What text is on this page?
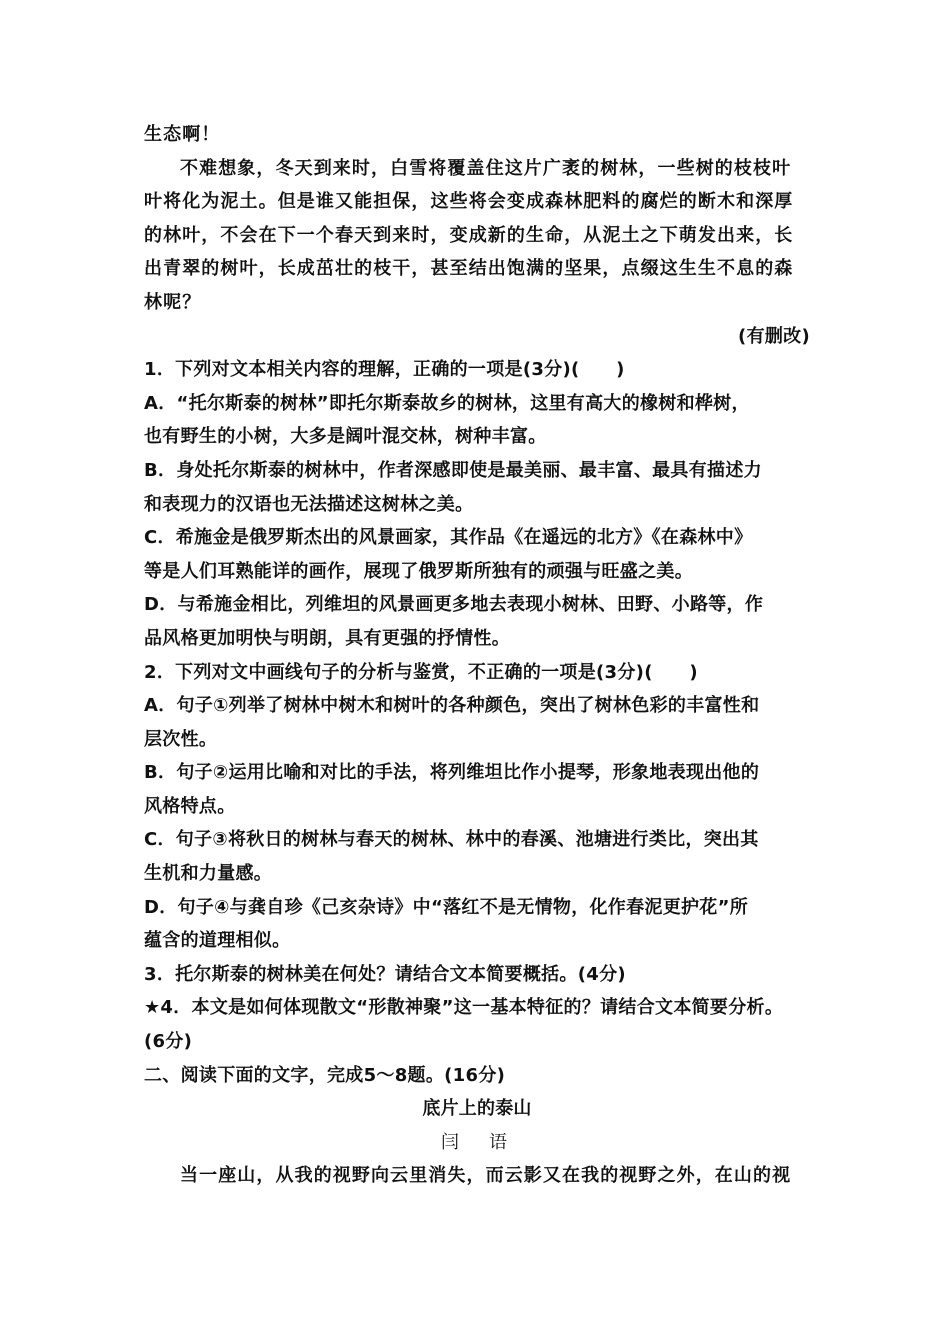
生态啊！
不难想象，冬天到来时，白雪将覆盖住这片广袤的树林，一些树的枝枝叶
叶将化为泥土。但是谁又能担保，这些将会变成森林肥料的腐烂的断木和深厚
的林叶，不会在下一个春天到来时，变成新的生命，从泥土之下萌发出来，长
出青翠的树叶，长成茁壮的枝干，甚至结出饱满的坚果，点缀这生生不息的森
林呢？
(有删改)
1．下列对文本相关内容的理解，正确的一项是(3分)(　　)
A．“托尔斯泰的树林”即托尔斯泰故乡的树林，这里有高大的橡树和桦树，
也有野生的小树，大多是阔叶混交林，树种丰富。
B．身处托尔斯泰的树林中，作者深感即使是最美丽、最丰富、最具有描述力
和表现力的汉语也无法描述这树林之美。
C．希施金是俄罗斯杰出的风景画家，其作品《在遥远的北方》《在森林中》
等是人们耳熟能详的画作，展现了俄罗斯所独有的顽强与旺盛之美。
D．与希施金相比，列维坦的风景画更多地去表现小树林、田野、小路等，作
品风格更加明快与明朗，具有更强的抒情性。
2．下列对文中画线句子的分析与鉴赏，不正确的一项是(3分)(　　)
A．句子①列举了树林中树木和树叶的各种颜色，突出了树林色彩的丰富性和
层次性。
B．句子②运用比喻和对比的手法，将列维坦比作小提琴，形象地表现出他的
风格特点。
C．句子③将秋日的树林与春天的树林、林中的春溪、池塘进行类比，突出其
生机和力量感。
D．句子④与龚自珍《己亥杂诗》中“落红不是无情物，化作春泥更护花”所
蕴含的道理相似。
3．托尔斯泰的树林美在何处？请结合文本简要概括。(4分)
★4．本文是如何体现散文“形散神聚”这一基本特征的？请结合文本简要分析。
(6分)
二、阅读下面的文字，完成5～8题。(16分)
底片上的泰山
闫　语
当一座山，从我的视野向云里消失，而云影又在我的视野之外，在山的视
